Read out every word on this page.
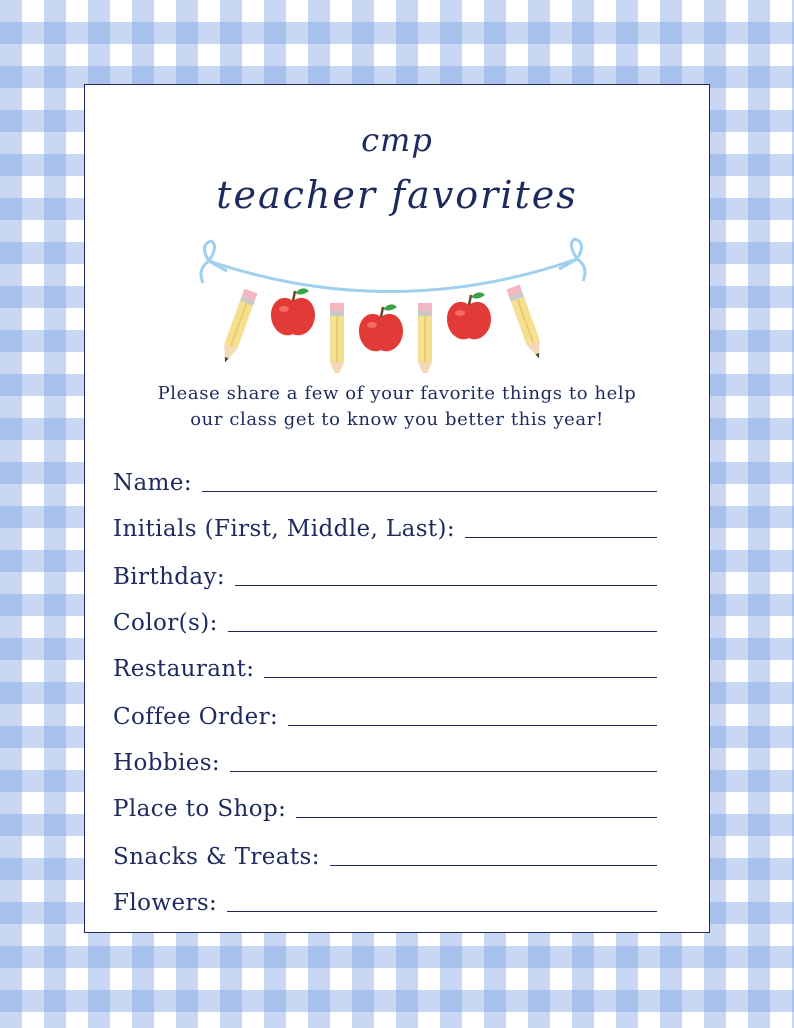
cmp
teacher favorites

Please share a few of your favorite things to help
our class get to know you better this year!

Name:
Initials (First, Middle, Last):
Birthday:
Color(s):
Restaurant:
Coffee Order:
Hobbies:
Place to Shop:
Snacks & Treats:
Flowers:
